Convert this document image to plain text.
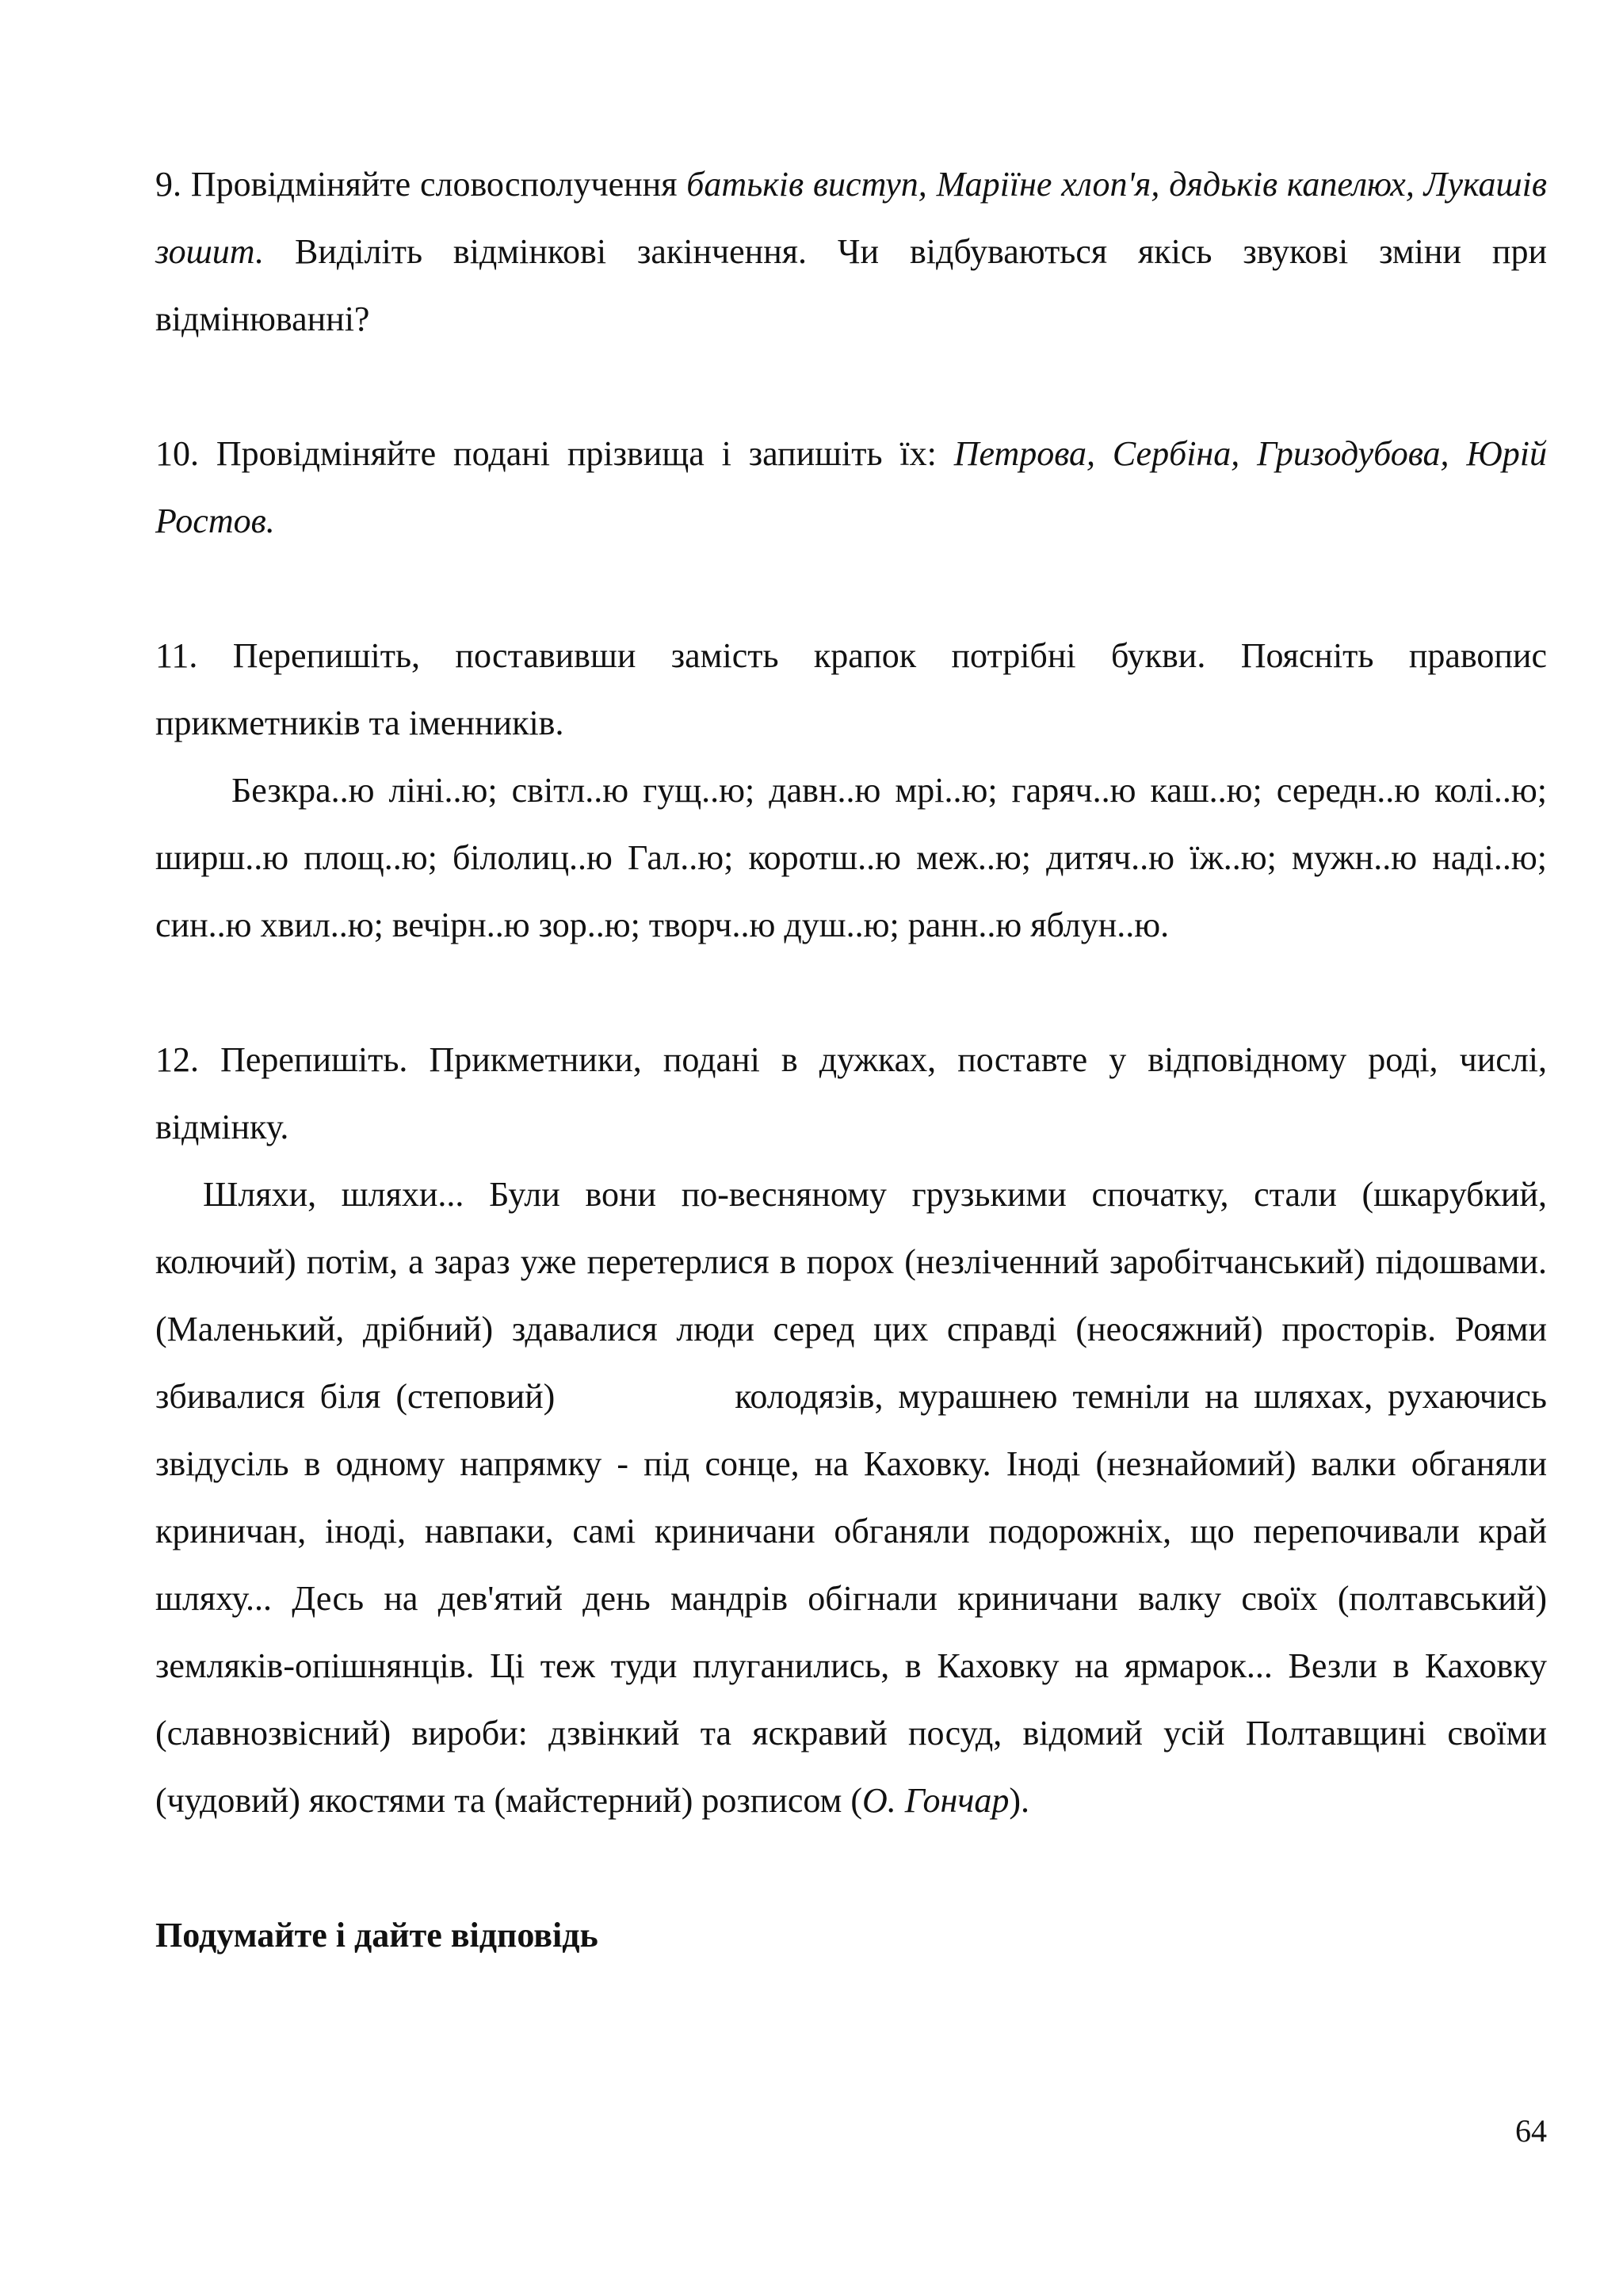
9. Провідміняйте словосполучення батьків виступ, Маріїне хлоп'я, дядьків капелюх, Лукашів зошит. Виділіть відмінкові закінчення. Чи відбуваються якісь звукові зміни при відмінюванні?

10. Провідміняйте подані прізвища і запишіть їх: Петрова, Сербіна, Гризодубова, Юрій Ростов.

11. Перепишіть, поставивши замість крапок потрібні букви. Поясніть правопис прикметників та іменників.

Безкра..ю ліні..ю; світл..ю гущ..ю; давн..ю мрі..ю; гаряч..ю каш..ю; середн..ю колі..ю; ширш..ю площ..ю; білолиц..ю Гал..ю; коротш..ю меж..ю; дитяч..ю їж..ю; мужн..ю наді..ю; син..ю хвил..ю; вечірн..ю зор..ю; творч..ю душ..ю; ранн..ю яблун..ю.

12. Перепишіть. Прикметники, подані в дужках, поставте у відповідному роді, числі, відмінку.

Шляхи, шляхи... Були вони по-весняному грузькими спочатку, стали (шкарубкий, колючий) потім, а зараз уже перетерлися в порох (незліченний заробітчанський) підошвами. (Маленький, дрібний) здавалися люди серед цих справді (неосяжний) просторів. Роями збивалися біля (степовий)            колодязів, мурашнею темніли на шляхах, рухаючись звідусіль в одному напрямку - під сонце, на Каховку. Іноді (незнайомий) валки обганяли криничан, іноді, навпаки, самі криничани обганяли подорожніх, що перепочивали край шляху... Десь на дев'ятий день мандрів обігнали криничани валку своїх (полтавський) земляків-опішнянців. Ці теж туди плуганились, в Каховку на ярмарок... Везли в Каховку (славнозвісний) вироби: дзвінкий та яскравий посуд, відомий усій Полтавщині своїми (чудовий) якостями та (майстерний) розписом (О. Гончар).

Подумайте і дайте відповідь

64
